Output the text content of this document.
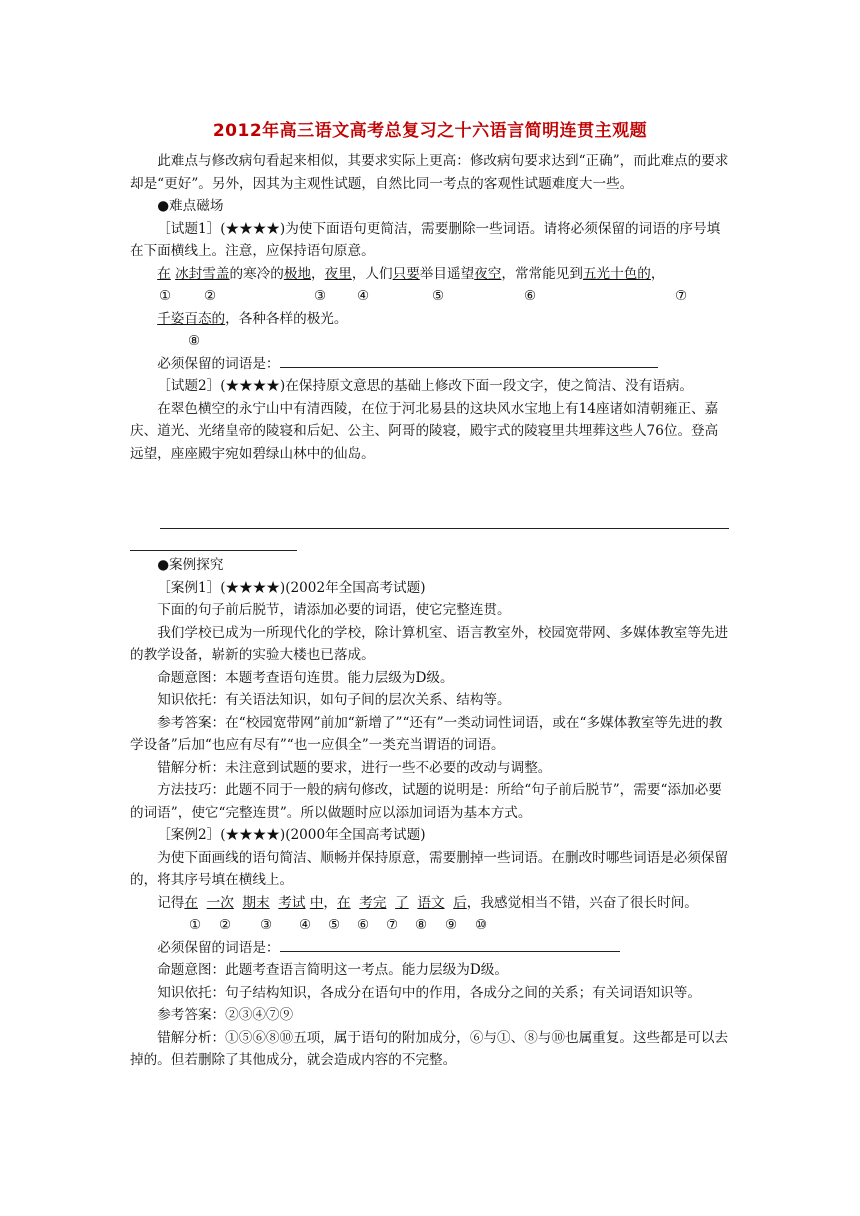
2012年高三语文高考总复习之十六语言简明连贯主观题

此难点与修改病句看起来相似，其要求实际上更高：修改病句要求达到“正确”，而此难点的要求却是“更好”。另外，因其为主观性试题，自然比同一考点的客观性试题难度大一些。

●难点磁场

［试题1］(★★★★)为使下面语句更简洁，需要删除一些词语。请将必须保留的词语的序号填在下面横线上。注意，应保持语句原意。

在 冰封雪盖的寒冷的极地，夜里，人们只要举目遥望夜空，常常能见到五光十色的，

① ②	③ ④	⑤	⑥	⑦

千姿百态的，各种各样的极光。

⑧

必须保留的词语是：

［试题2］(★★★★)在保持原文意思的基础上修改下面一段文字，使之简洁、没有语病。

在翠色横空的永宁山中有清西陵，在位于河北易县的这块风水宝地上有14座诸如清朝雍正、嘉庆、道光、光绪皇帝的陵寝和后妃、公主、阿哥的陵寝，殿宇式的陵寝里共埋葬这些人76位。登高远望，座座殿宇宛如碧绿山林中的仙岛。

●案例探究

［案例1］(★★★★)(2002年全国高考试题)

下面的句子前后脱节，请添加必要的词语，使它完整连贯。

我们学校已成为一所现代化的学校，除计算机室、语言教室外，校园宽带网、多媒体教室等先进的教学设备，崭新的实验大楼也已落成。

命题意图：本题考查语句连贯。能力层级为D级。

知识依托：有关语法知识，如句子间的层次关系、结构等。

参考答案：在“校园宽带网”前加“新增了”“还有”一类动词性词语，或在“多媒体教室等先进的教学设备”后加“也应有尽有”“也一应俱全”一类充当谓语的词语。

错解分析：未注意到试题的要求，进行一些不必要的改动与调整。

方法技巧：此题不同于一般的病句修改，试题的说明是：所给“句子前后脱节”，需要“添加必要的词语”，使它“完整连贯”。所以做题时应以添加词语为基本方式。

［案例2］(★★★★)(2000年全国高考试题)

为使下面画线的语句简洁、顺畅并保持原意，需要删掉一些词语。在删改时哪些词语是必须保留的，将其序号填在横线上。

记得在 一次 期末 考试 中，在 考完 了 语文 后，我感觉相当不错，兴奋了很长时间。

① ② ③ ④ ⑤ ⑥ ⑦ ⑧ ⑨ ⑩

必须保留的词语是：

命题意图：此题考查语言简明这一考点。能力层级为D级。

知识依托：句子结构知识，各成分在语句中的作用，各成分之间的关系；有关词语知识等。

参考答案：②③④⑦⑨

错解分析：①⑤⑥⑧⑩五项，属于语句的附加成分，⑥与①、⑧与⑩也属重复。这些都是可以去掉的。但若删除了其他成分，就会造成内容的不完整。
